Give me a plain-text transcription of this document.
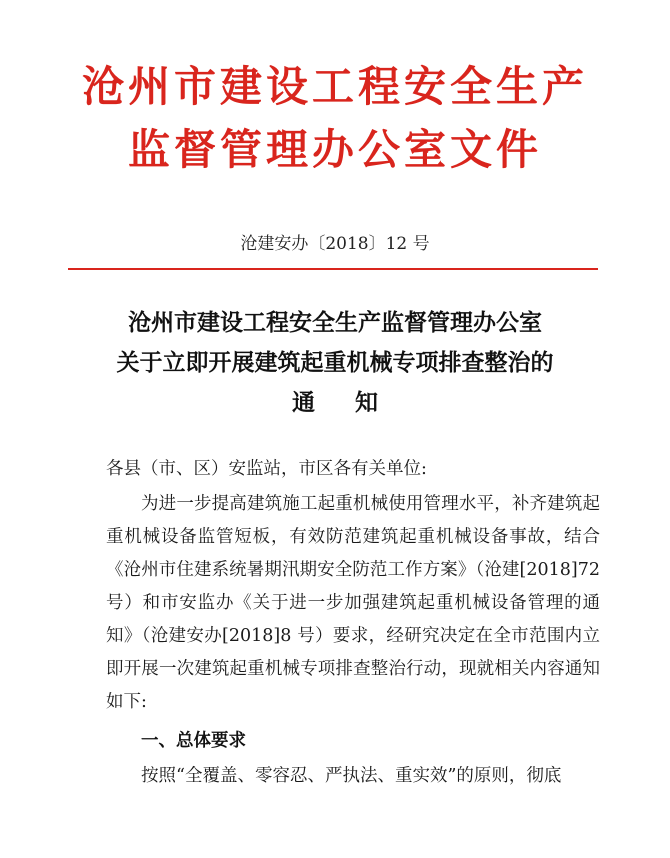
沧州市建设工程安全生产
监督管理办公室文件
沧建安办〔2018〕12 号
沧州市建设工程安全生产监督管理办公室
关于立即开展建筑起重机械专项排查整治的
通知
各县（市、区）安监站，市区各有关单位:

为进一步提高建筑施工起重机械使用管理水平，补齐建筑起重机械设备监管短板，有效防范建筑起重机械设备事故，结合《沧州市住建系统暑期汛期安全防范工作方案》（沧建[2018]72 号）和市安监办《关于进一步加强建筑起重机械设备管理的通知》（沧建安办[2018]8 号）要求，经研究决定在全市范围内立即开展一次建筑起重机械专项排查整治行动，现就相关内容通知如下:

一、总体要求

按照“全覆盖、零容忍、严执法、重实效”的原则，彻底
